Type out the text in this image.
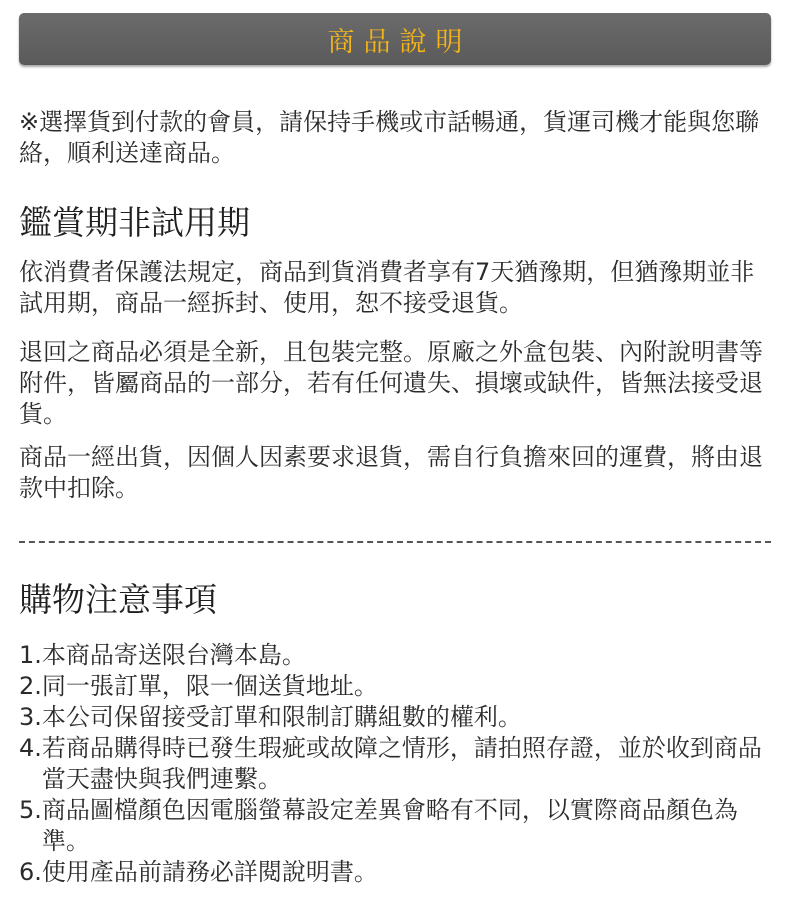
商品說明

※選擇貨到付款的會員，請保持手機或市話暢通，貨運司機才能與您聯絡，順利送達商品。

鑑賞期非試用期

依消費者保護法規定，商品到貨消費者享有7天猶豫期，但猶豫期並非試用期，商品一經拆封、使用，恕不接受退貨。

退回之商品必須是全新，且包裝完整。原廠之外盒包裝、內附說明書等附件，皆屬商品的一部分，若有任何遺失、損壞或缺件，皆無法接受退貨。

商品一經出貨，因個人因素要求退貨，需自行負擔來回的運費，將由退款中扣除。

購物注意事項
1. 本商品寄送限台灣本島。
2. 同一張訂單，限一個送貨地址。
3. 本公司保留接受訂單和限制訂購組數的權利。
4. 若商品購得時已發生瑕疵或故障之情形，請拍照存證，並於收到商品當天盡快與我們連繫。
5. 商品圖檔顏色因電腦螢幕設定差異會略有不同，以實際商品顏色為準。
6. 使用產品前請務必詳閱說明書。
